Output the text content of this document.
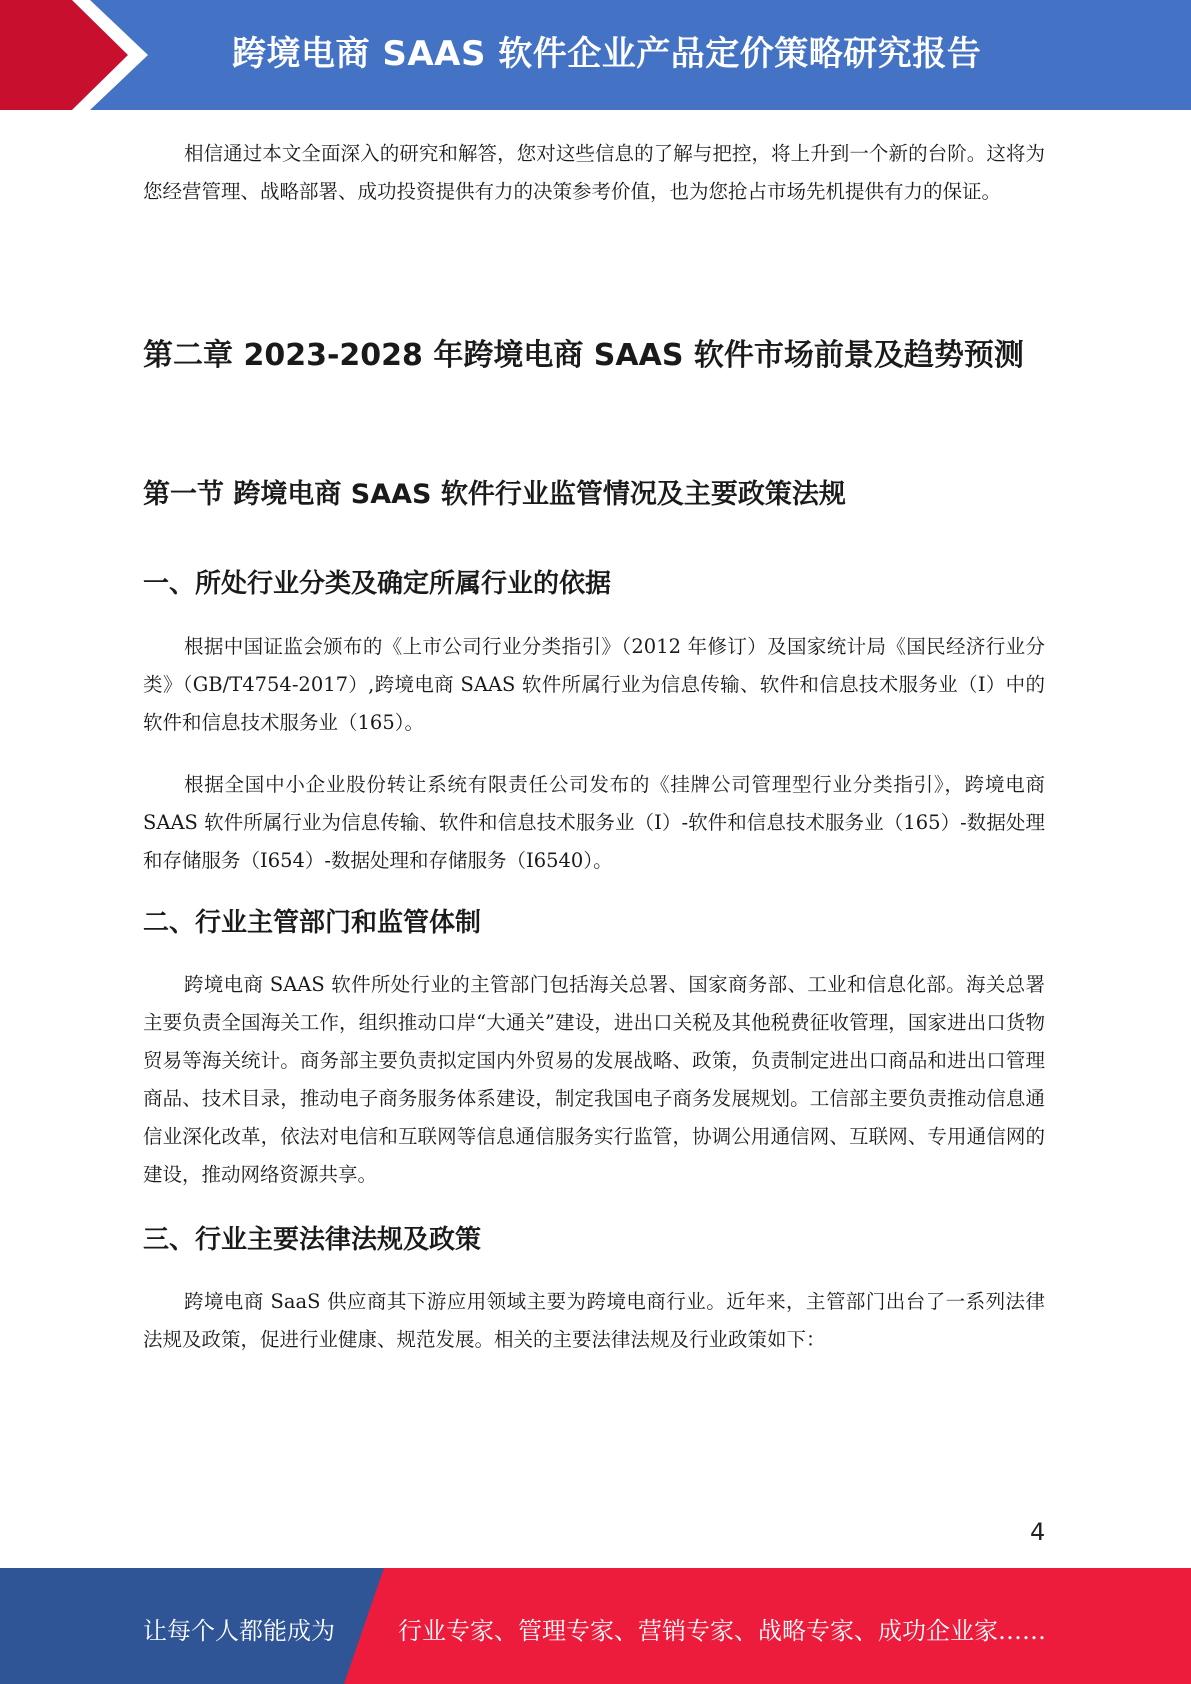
跨境电商 SAAS 软件企业产品定价策略研究报告

相信通过本文全面深入的研究和解答，您对这些信息的了解与把控，将上升到一个新的台阶。这将为您经营管理、战略部署、成功投资提供有力的决策参考价值，也为您抢占市场先机提供有力的保证。

第二章 2023-2028 年跨境电商 SAAS 软件市场前景及趋势预测
第一节 跨境电商 SAAS 软件行业监管情况及主要政策法规
一、所处行业分类及确定所属行业的依据

根据中国证监会颁布的《上市公司行业分类指引》（2012 年修订）及国家统计局《国民经济行业分类》（GB/T4754-2017）,跨境电商 SAAS 软件所属行业为信息传输、软件和信息技术服务业（I）中的软件和信息技术服务业（165）。

根据全国中小企业股份转让系统有限责任公司发布的《挂牌公司管理型行业分类指引》，跨境电商 SAAS 软件所属行业为信息传输、软件和信息技术服务业（I）-软件和信息技术服务业（165）-数据处理和存储服务（I654）-数据处理和存储服务（I6540）。

二、行业主管部门和监管体制

跨境电商 SAAS 软件所处行业的主管部门包括海关总署、国家商务部、工业和信息化部。海关总署主要负责全国海关工作，组织推动口岸“大通关”建设，进出口关税及其他税费征收管理，国家进出口货物贸易等海关统计。商务部主要负责拟定国内外贸易的发展战略、政策，负责制定进出口商品和进出口管理商品、技术目录，推动电子商务服务体系建设，制定我国电子商务发展规划。工信部主要负责推动信息通信业深化改革，依法对电信和互联网等信息通信服务实行监管，协调公用通信网、互联网、专用通信网的建设，推动网络资源共享。

三、行业主要法律法规及政策

跨境电商 SaaS 供应商其下游应用领域主要为跨境电商行业。近年来，主管部门出台了一系列法律法规及政策，促进行业健康、规范发展。相关的主要法律法规及行业政策如下：

4
让每个人都能成为	行业专家、管理专家、营销专家、战略专家、成功企业家……
